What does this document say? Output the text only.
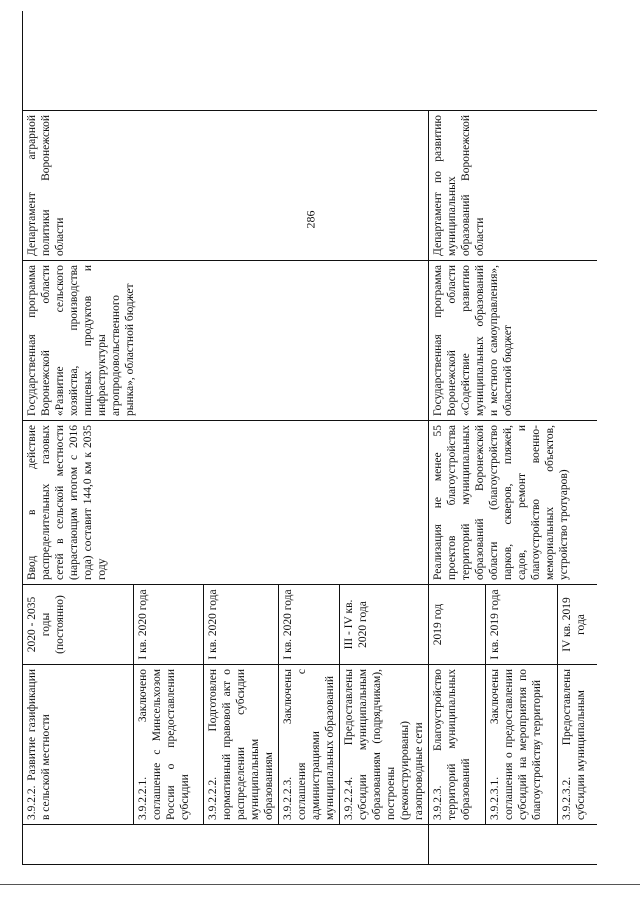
286
	3.9.2.2. Развитие газификации в сельской местности	2020 - 2035 годы (постоянно)	Ввод в действие распределительных газовых сетей в сельской местности (нарастающим итогом с 2016 года) составит 144,0 км к 2035 году	Государственная программа Воронежской области «Развитие сельского хозяйства, производства пищевых продуктов и инфраструктуры агропродовольственного рынка», областной бюджет	Департамент аграрной политики Воронежской области	
	3.9.2.2.1. Заключено соглашение с Минсельхозом России о предоставлении субсидии	I кв. 2020 года				
	3.9.2.2.2. Подготовлен нормативный правовой акт о распределении субсидии муниципальным образованиям	I кв. 2020 года				
	3.9.2.2.3. Заключены соглашения с администрациями муниципальных образований	I кв. 2020 года				
	3.9.2.2.4. Предоставлены субсидии муниципальным образованиям (подрядчикам), построены (реконструированы) газопроводные сети	III - IV кв. 2020 года				
	3.9.2.3. Благоустройство территорий муниципальных образований	2019 год	Реализация не менее 55 проектов благоустройства территорий муниципальных образований Воронежской области (благоустройство парков, скверов, пляжей, садов, ремонт и благоустройство военно-мемориальных объектов, устройство тротуаров)	Государственная программа Воронежской области «Содействие развитию муниципальных образований и местного самоуправления», областной бюджет	Департамент по развитию муниципальных образований Воронежской области	
	3.9.2.3.1. Заключены соглашения о предоставлении субсидий на мероприятия по благоустройству территорий	I кв. 2019 года				
	3.9.2.3.2. Предоставлены субсидии муниципальным	IV кв. 2019 года				
